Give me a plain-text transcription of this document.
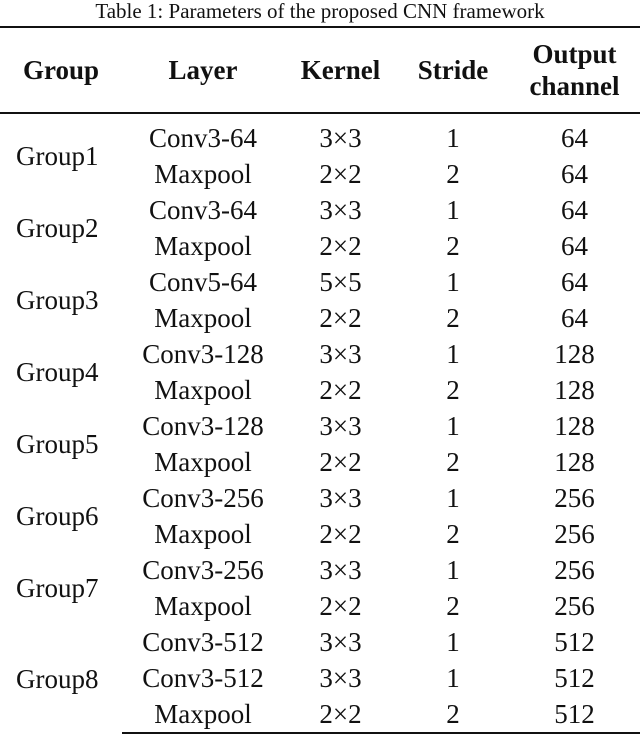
Table 1: Parameters of the proposed CNN framework
Group	Layer	Kernel	Stride	Output
channel
Group1	Conv3-64	3×3	1	64
	Maxpool	2×2	2	64
Group2	Conv3-64	3×3	1	64
	Maxpool	2×2	2	64
Group3	Conv5-64	5×5	1	64
	Maxpool	2×2	2	64
Group4	Conv3-128	3×3	1	128
	Maxpool	2×2	2	128
Group5	Conv3-128	3×3	1	128
	Maxpool	2×2	2	128
Group6	Conv3-256	3×3	1	256
	Maxpool	2×2	2	256
Group7	Conv3-256	3×3	1	256
	Maxpool	2×2	2	256
Group8	Conv3-512	3×3	1	512
	Conv3-512	3×3	1	512
	Maxpool	2×2	2	512
